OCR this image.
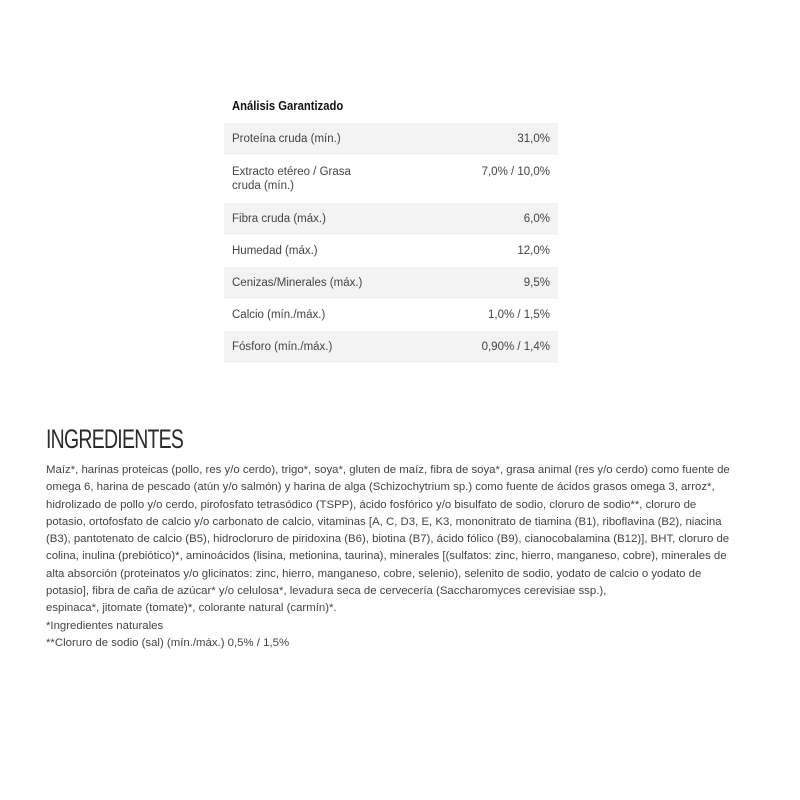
Análisis Garantizado
Proteína cruda (mín.)	31,0%
Extracto etéreo / Grasa cruda (mín.)	7,0% / 10,0%
Fibra cruda (máx.)	6,0%
Humedad (máx.)	12,0%
Cenizas/Minerales (máx.)	9,5%
Calcio (mín./máx.)	1,0% / 1,5%
Fósforo (mín./máx.)	0,90% / 1,4%
INGREDIENTES

Maíz*, harinas proteicas (pollo, res y/o cerdo), trigo*, soya*, gluten de maíz, fibra de soya*, grasa animal (res y/o cerdo) como fuente de omega 6, harina de pescado (atún y/o salmón) y harina de alga (Schizochytrium sp.) como fuente de ácidos grasos omega 3, arroz*, hidrolizado de pollo y/o cerdo, pirofosfato tetrasódico (TSPP), ácido fosfórico y/o bisulfato de sodio, cloruro de sodio**, cloruro de potasio, ortofosfato de calcio y/o carbonato de calcio, vitaminas [A, C, D3, E, K3, mononitrato de tiamina (B1), riboflavina (B2), niacina (B3), pantotenato de calcio (B5), hidrocloruro de piridoxina (B6), biotina (B7), ácido fólico (B9), cianocobalamina (B12)], BHT, cloruro de colina, inulina (prebiótico)*, aminoácidos (lisina, metionina, taurina), minerales [(sulfatos: zinc, hierro, manganeso, cobre), minerales de alta absorción (proteinatos y/o glicinatos: zinc, hierro, manganeso, cobre, selenio), selenito de sodio, yodato de calcio o yodato de potasio], fibra de caña de azúcar* y/o celulosa*, levadura seca de cervecería (Saccharomyces cerevisiae ssp.),

espinaca*, jitomate (tomate)*, colorante natural (carmín)*.

*Ingredientes naturales

**Cloruro de sodio (sal) (mín./máx.) 0,5% / 1,5%
